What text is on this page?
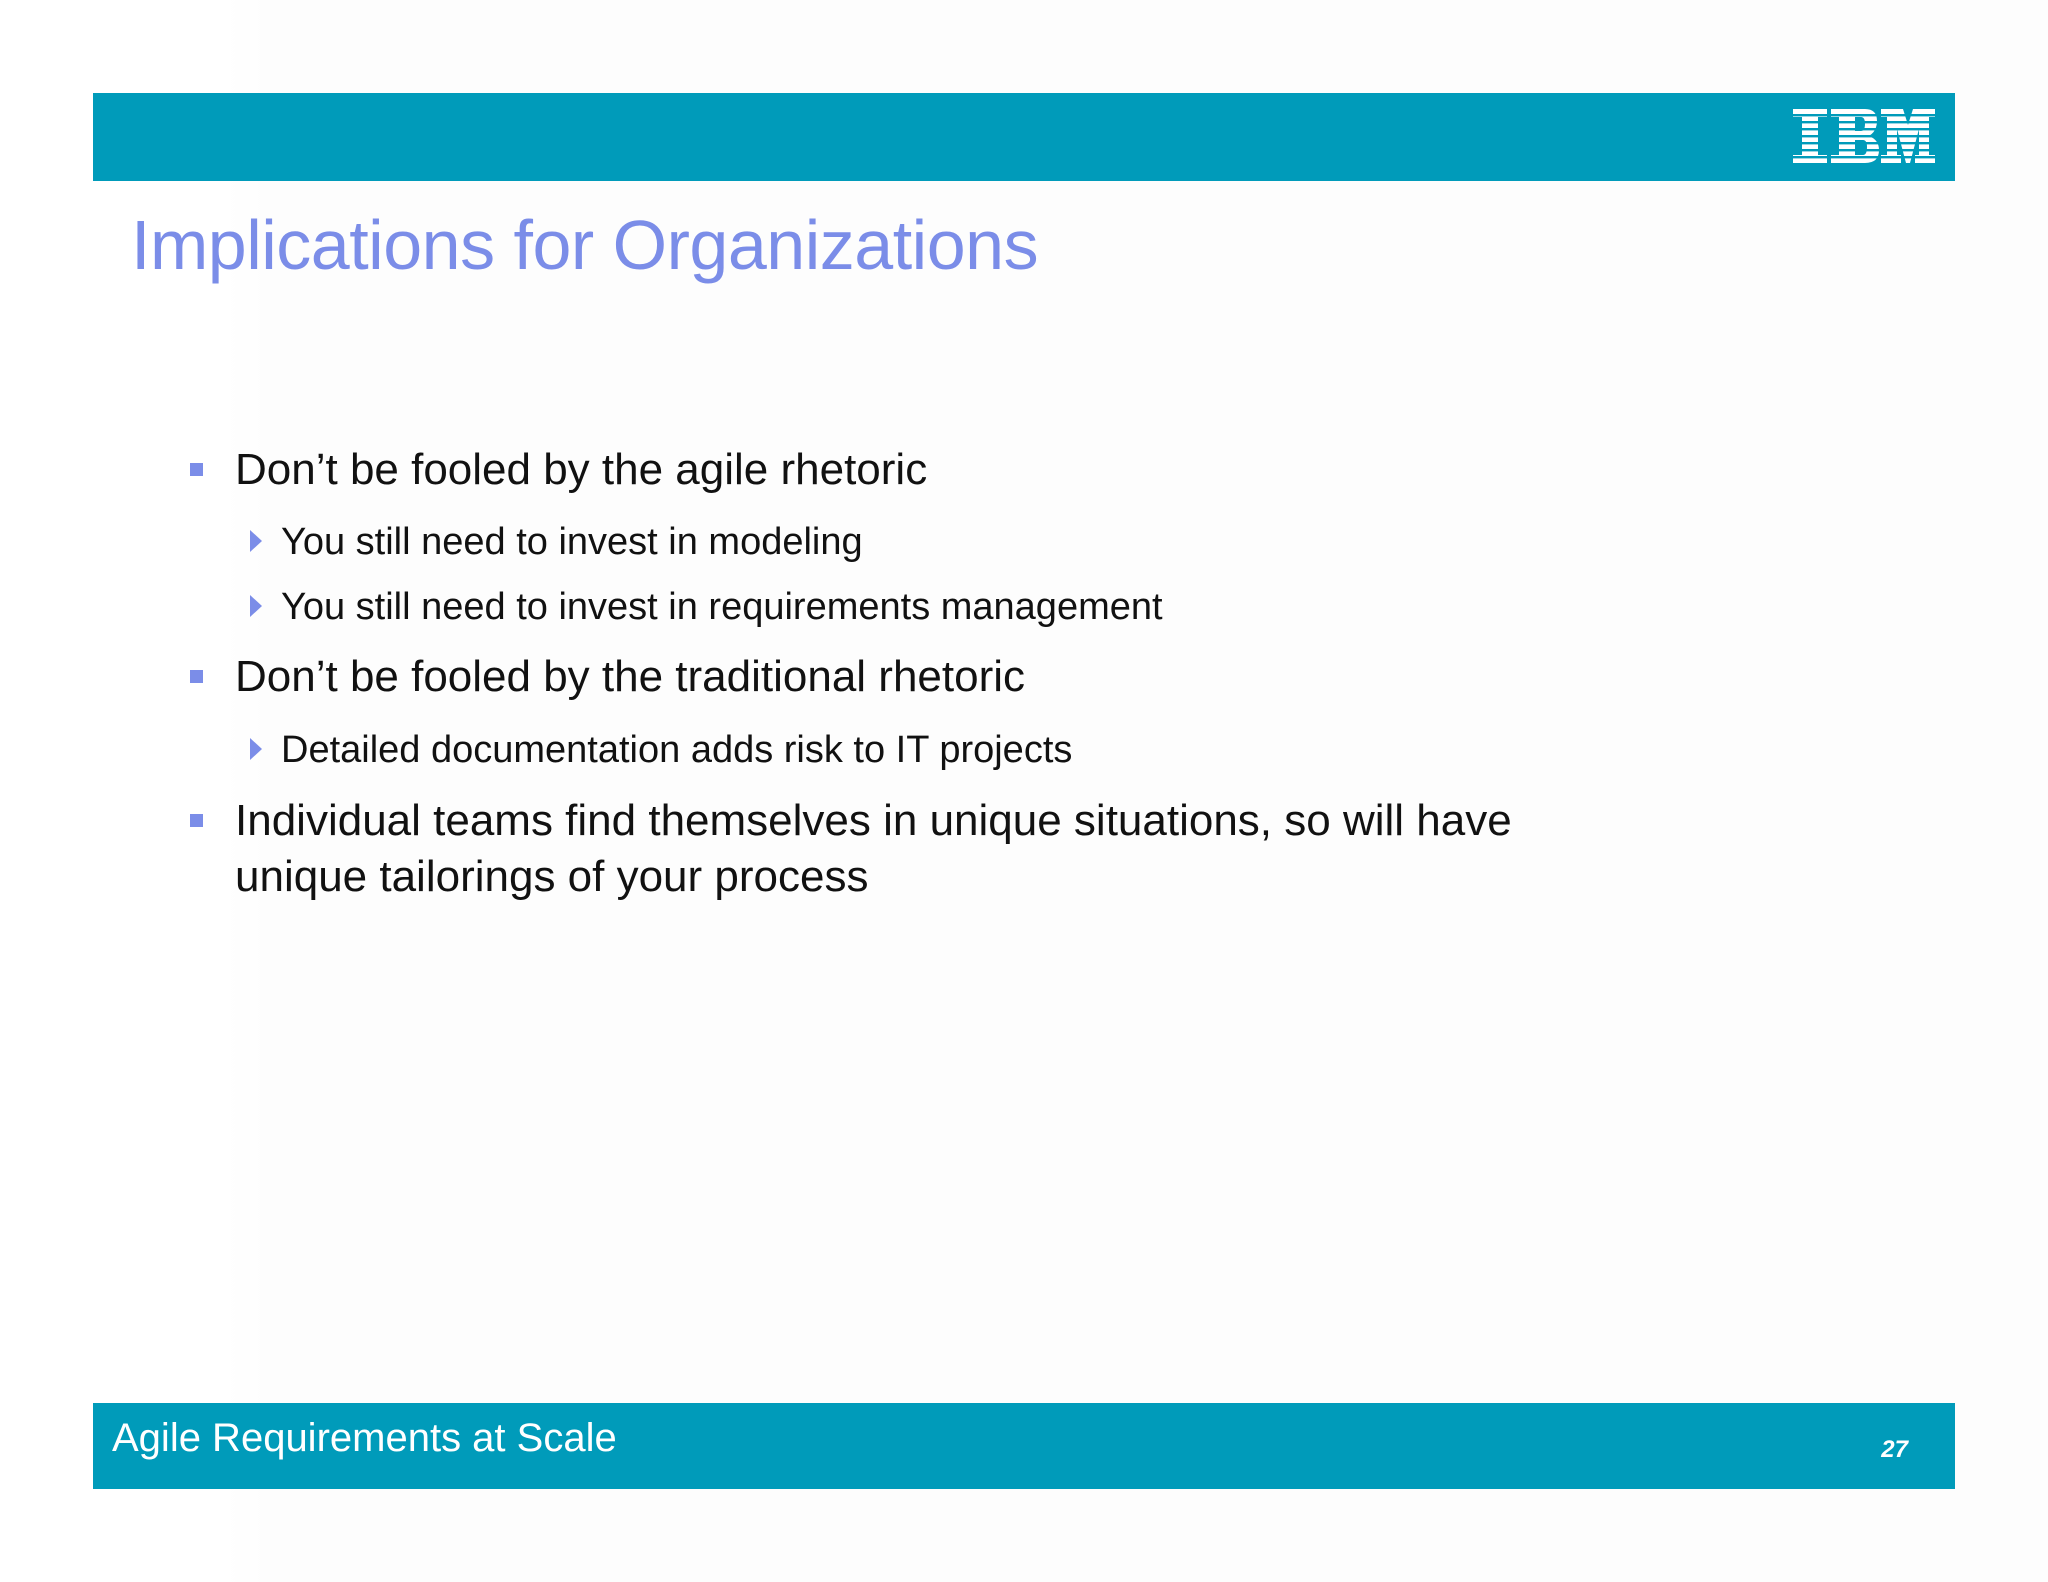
Implications for Organizations
Don’t be fooled by the agile rhetoric
You still need to invest in modeling
You still need to invest in requirements management
Don’t be fooled by the traditional rhetoric
Detailed documentation adds risk to IT projects
Individual teams find themselves in unique situations, so will have
unique tailorings of your process
Agile Requirements at Scale	27
